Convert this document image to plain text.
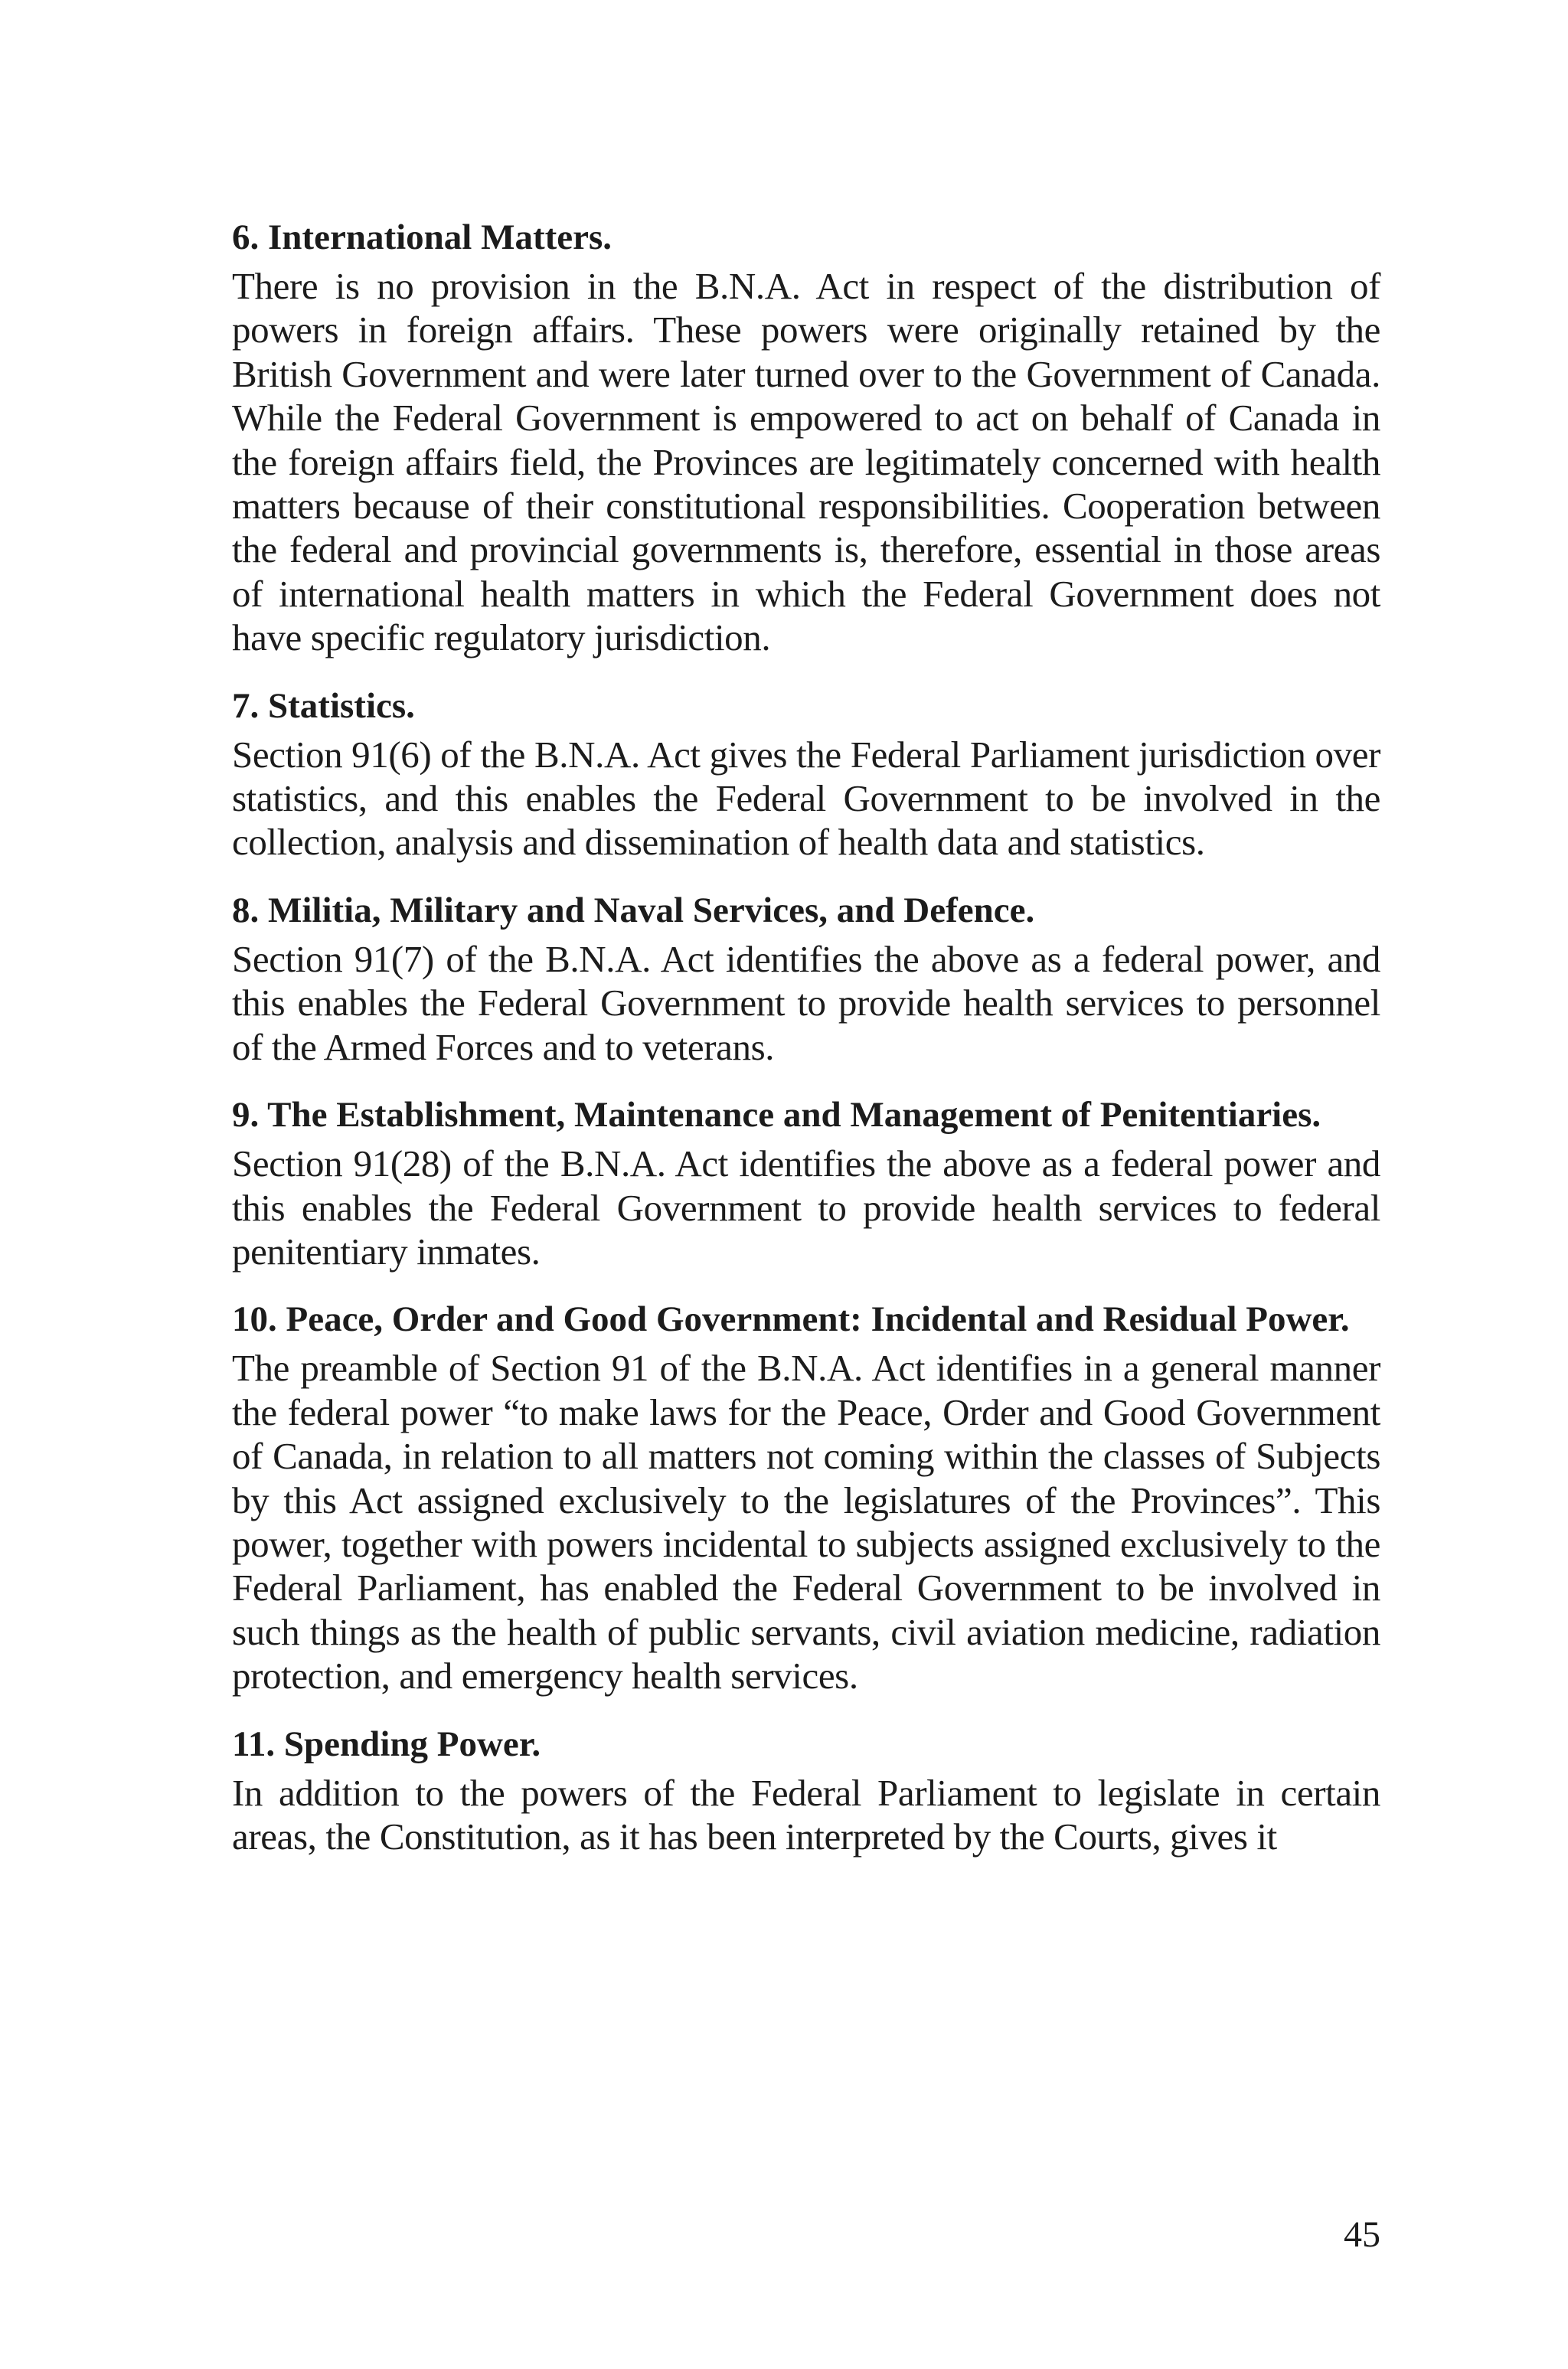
6. International Matters.

There is no provision in the B.N.A. Act in respect of the distribution of powers in foreign affairs. These powers were originally retained by the British Government and were later turned over to the Government of Canada. While the Federal Government is empowered to act on behalf of Canada in the foreign affairs field, the Provinces are legitimately concerned with health matters because of their constitutional responsibilities. Cooperation between the federal and provincial governments is, therefore, essential in those areas of international health matters in which the Federal Government does not have specific regulatory jurisdiction.

7. Statistics.

Section 91(6) of the B.N.A. Act gives the Federal Parliament jurisdiction over statistics, and this enables the Federal Government to be involved in the collection, analysis and dissemination of health data and statistics.

8. Militia, Military and Naval Services, and Defence.

Section 91(7) of the B.N.A. Act identifies the above as a federal power, and this enables the Federal Government to provide health services to personnel of the Armed Forces and to veterans.

9. The Establishment, Maintenance and Management of Penitentiaries.

Section 91(28) of the B.N.A. Act identifies the above as a federal power and this enables the Federal Government to provide health services to federal penitentiary inmates.

10. Peace, Order and Good Government: Incidental and Residual Power.

The preamble of Section 91 of the B.N.A. Act identifies in a general manner the federal power “to make laws for the Peace, Order and Good Government of Canada, in relation to all matters not coming within the classes of Subjects by this Act assigned exclusively to the legislatures of the Provinces”. This power, together with powers incidental to subjects assigned exclusively to the Federal Parliament, has enabled the Federal Government to be involved in such things as the health of public servants, civil aviation medicine, radiation protection, and emergency health services.

11. Spending Power.

In addition to the powers of the Federal Parliament to legislate in certain areas, the Constitution, as it has been interpreted by the Courts, gives it

45
